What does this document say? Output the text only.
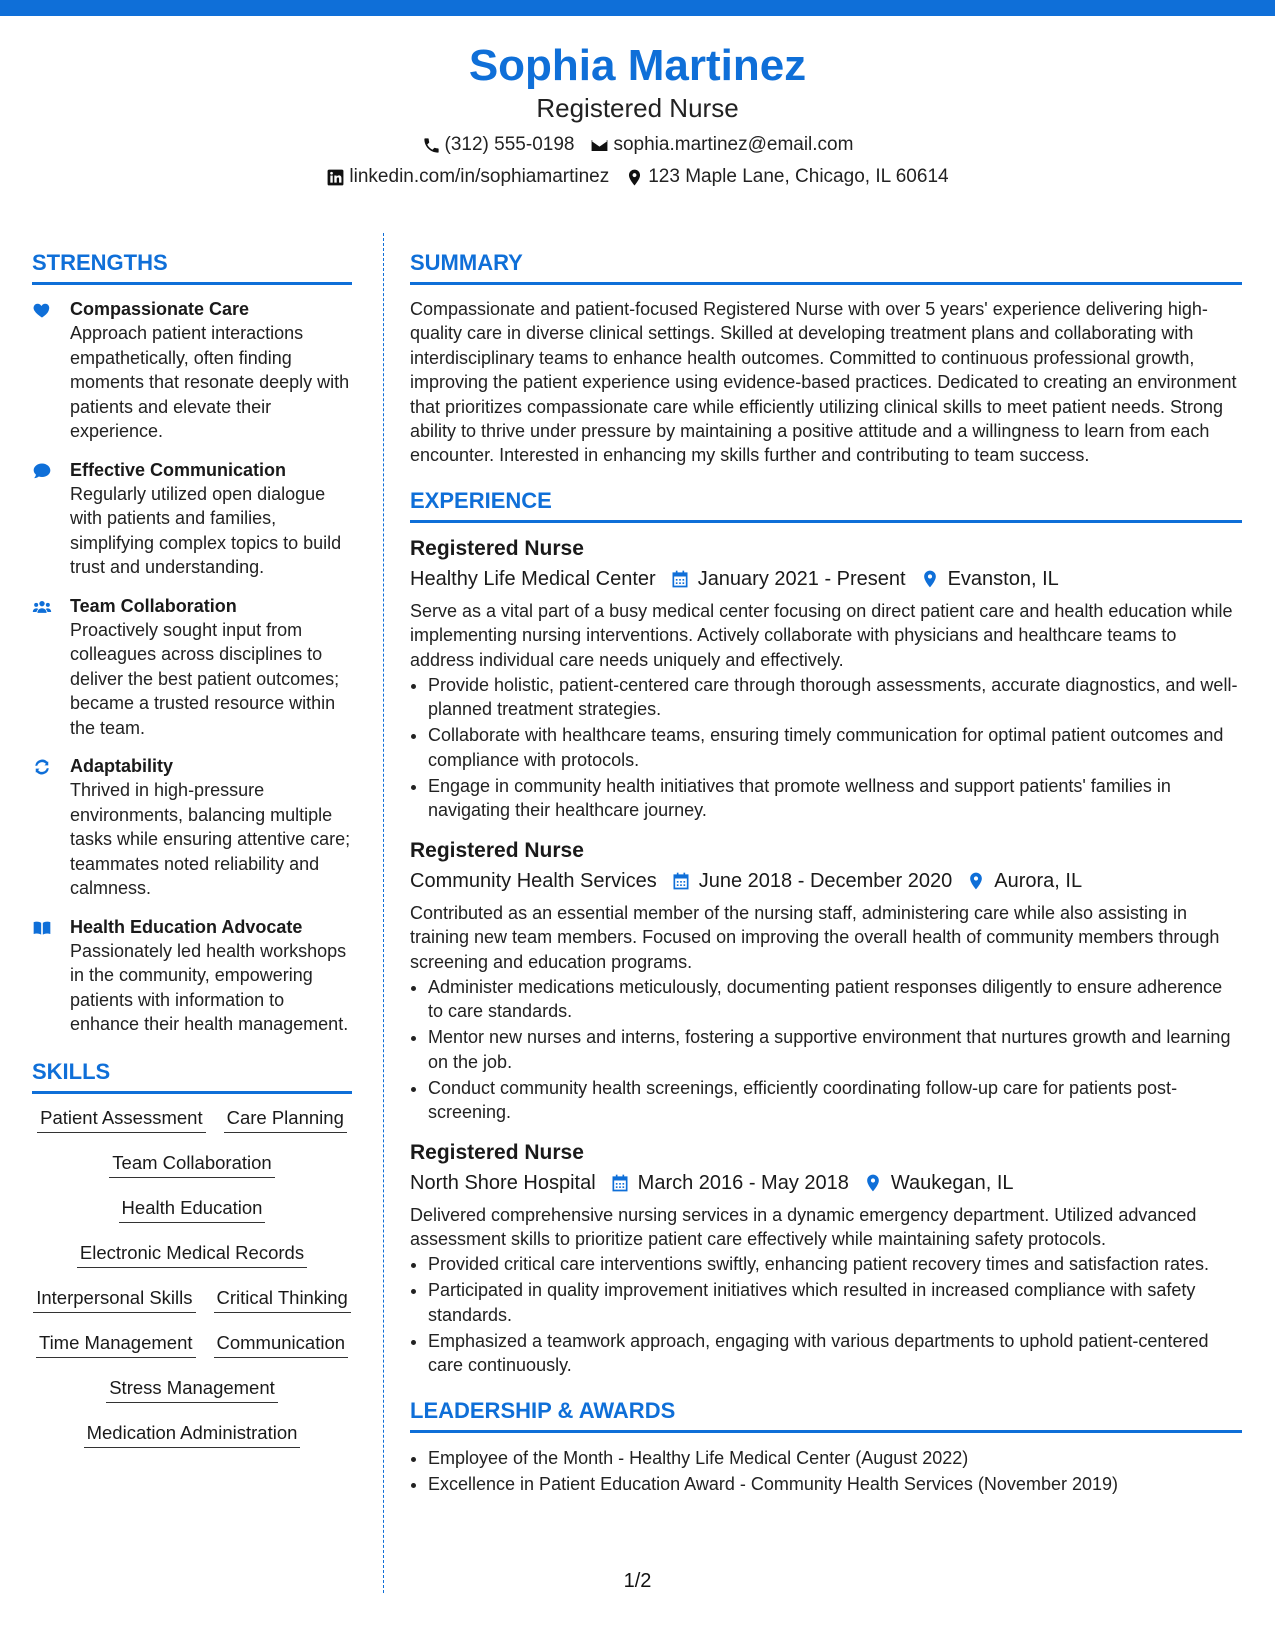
Sophia Martinez
Registered Nurse
(312) 555-0198 sophia.martinez@email.com
linkedin.com/in/sophiamartinez 123 Maple Lane, Chicago, IL 60614
STRENGTHS
Compassionate Care
Approach patient interactions empathetically, often finding moments that resonate deeply with patients and elevate their experience.
Effective Communication
Regularly utilized open dialogue with patients and families, simplifying complex topics to build trust and understanding.
Team Collaboration
Proactively sought input from colleagues across disciplines to deliver the best patient outcomes; became a trusted resource within the team.
Adaptability
Thrived in high-pressure environments, balancing multiple tasks while ensuring attentive care; teammates noted reliability and calmness.
Health Education Advocate
Passionately led health workshops in the community, empowering patients with information to enhance their health management.
SKILLS
Patient Assessment Care Planning
Team Collaboration
Health Education
Electronic Medical Records
Interpersonal Skills Critical Thinking
Time Management Communication
Stress Management
Medication Administration
SUMMARY

Compassionate and patient-focused Registered Nurse with over 5 years' experience delivering high-quality care in diverse clinical settings. Skilled at developing treatment plans and collaborating with interdisciplinary teams to enhance health outcomes. Committed to continuous professional growth, improving the patient experience using evidence-based practices. Dedicated to creating an environment that prioritizes compassionate care while efficiently utilizing clinical skills to meet patient needs. Strong ability to thrive under pressure by maintaining a positive attitude and a willingness to learn from each encounter. Interested in enhancing my skills further and contributing to team success.

EXPERIENCE
Registered Nurse
Healthy Life Medical Center January 2021 - Present Evanston, IL
Serve as a vital part of a busy medical center focusing on direct patient care and health education while implementing nursing interventions. Actively collaborate with physicians and healthcare teams to address individual care needs uniquely and effectively.
• Provide holistic, patient-centered care through thorough assessments, accurate diagnostics, and well-planned treatment strategies.
• Collaborate with healthcare teams, ensuring timely communication for optimal patient outcomes and compliance with protocols.
• Engage in community health initiatives that promote wellness and support patients' families in navigating their healthcare journey.
Registered Nurse
Community Health Services June 2018 - December 2020 Aurora, IL
Contributed as an essential member of the nursing staff, administering care while also assisting in training new team members. Focused on improving the overall health of community members through screening and education programs.
• Administer medications meticulously, documenting patient responses diligently to ensure adherence to care standards.
• Mentor new nurses and interns, fostering a supportive environment that nurtures growth and learning on the job.
• Conduct community health screenings, efficiently coordinating follow-up care for patients post-screening.
Registered Nurse
North Shore Hospital March 2016 - May 2018 Waukegan, IL
Delivered comprehensive nursing services in a dynamic emergency department. Utilized advanced assessment skills to prioritize patient care effectively while maintaining safety protocols.
• Provided critical care interventions swiftly, enhancing patient recovery times and satisfaction rates.
• Participated in quality improvement initiatives which resulted in increased compliance with safety standards.
• Emphasized a teamwork approach, engaging with various departments to uphold patient-centered care continuously.
LEADERSHIP & AWARDS
• Employee of the Month - Healthy Life Medical Center (August 2022)
• Excellence in Patient Education Award - Community Health Services (November 2019)
1/2
